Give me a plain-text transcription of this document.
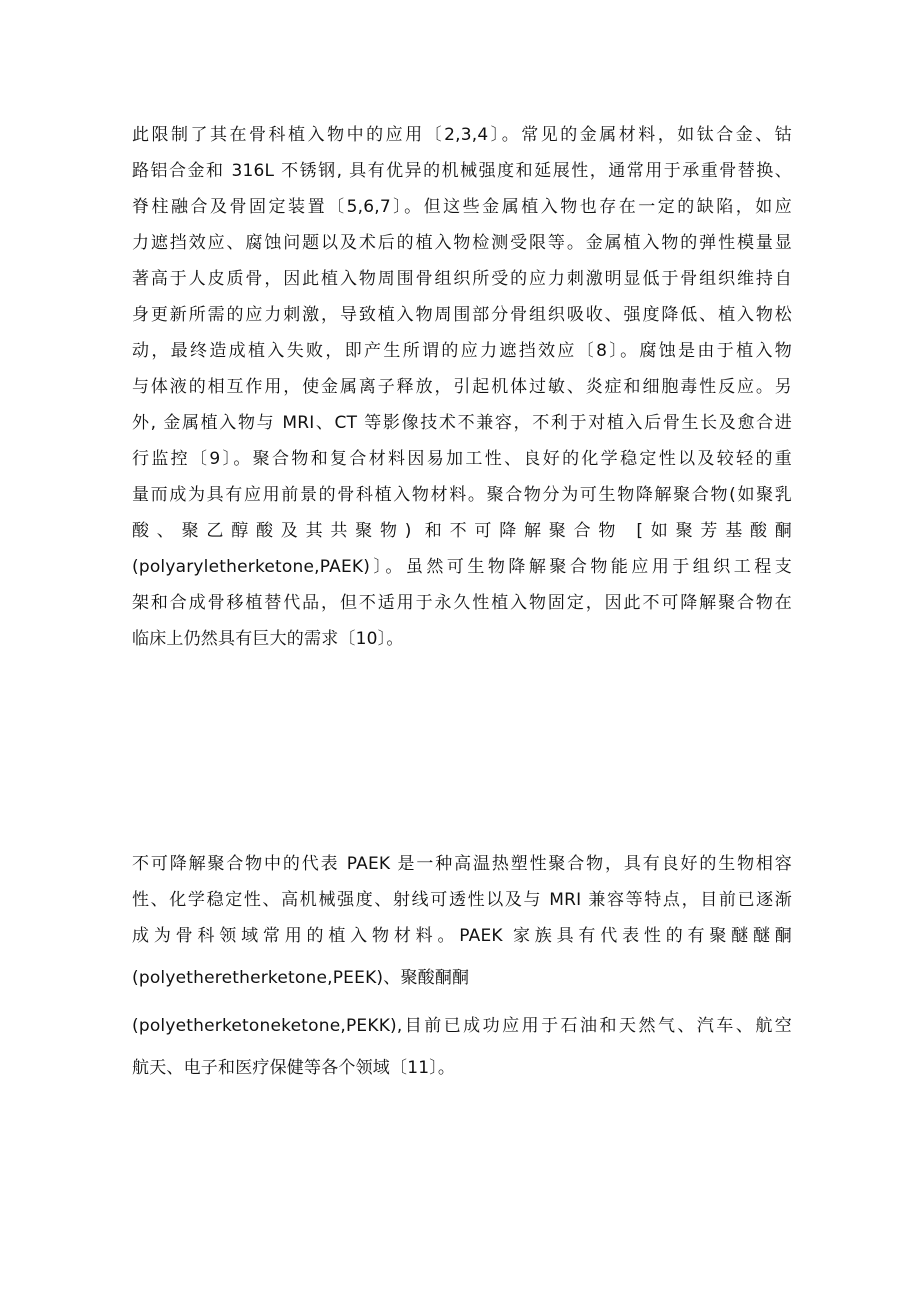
此限制了其在骨科植入物中的应用〔2,3,4〕。常见的金属材料，如钛合金、钴
路铝合金和 316L 不锈钢, 具有优异的机械强度和延展性，通常用于承重骨替换、
脊柱融合及骨固定装置〔5,6,7〕。但这些金属植入物也存在一定的缺陷，如应
力遮挡效应、腐蚀问题以及术后的植入物检测受限等。金属植入物的弹性模量显
著高于人皮质骨，因此植入物周围骨组织所受的应力刺激明显低于骨组织维持自
身更新所需的应力刺激，导致植入物周围部分骨组织吸收、强度降低、植入物松
动，最终造成植入失败，即产生所谓的应力遮挡效应〔8〕。腐蚀是由于植入物
与体液的相互作用，使金属离子释放，引起机体过敏、炎症和细胞毒性反应。另
外, 金属植入物与 MRI、CT 等影像技术不兼容，不利于对植入后骨生长及愈合进
行监控〔9〕。聚合物和复合材料因易加工性、良好的化学稳定性以及较轻的重
量而成为具有应用前景的骨科植入物材料。聚合物分为可生物降解聚合物(如聚乳
酸、聚乙醇酸及其共聚物) 和不可降解聚合物 [如聚芳基酸酮
(polyaryletherketone,PAEK)〕。虽然可生物降解聚合物能应用于组织工程支
架和合成骨移植替代品，但不适用于永久性植入物固定，因此不可降解聚合物在
临床上仍然具有巨大的需求〔10〕。
不可降解聚合物中的代表 PAEK 是一种高温热塑性聚合物，具有良好的生物相容
性、化学稳定性、高机械强度、射线可透性以及与 MRI 兼容等特点，目前已逐渐
成为骨科领域常用的植入物材料。PAEK 家族具有代表性的有聚醚醚酮
(polyetheretherketone,PEEK)、聚酸酮酮
(polyetherketoneketone,PEKK),目前已成功应用于石油和天然气、汽车、航空
航天、电子和医疗保健等各个领域〔11〕。
